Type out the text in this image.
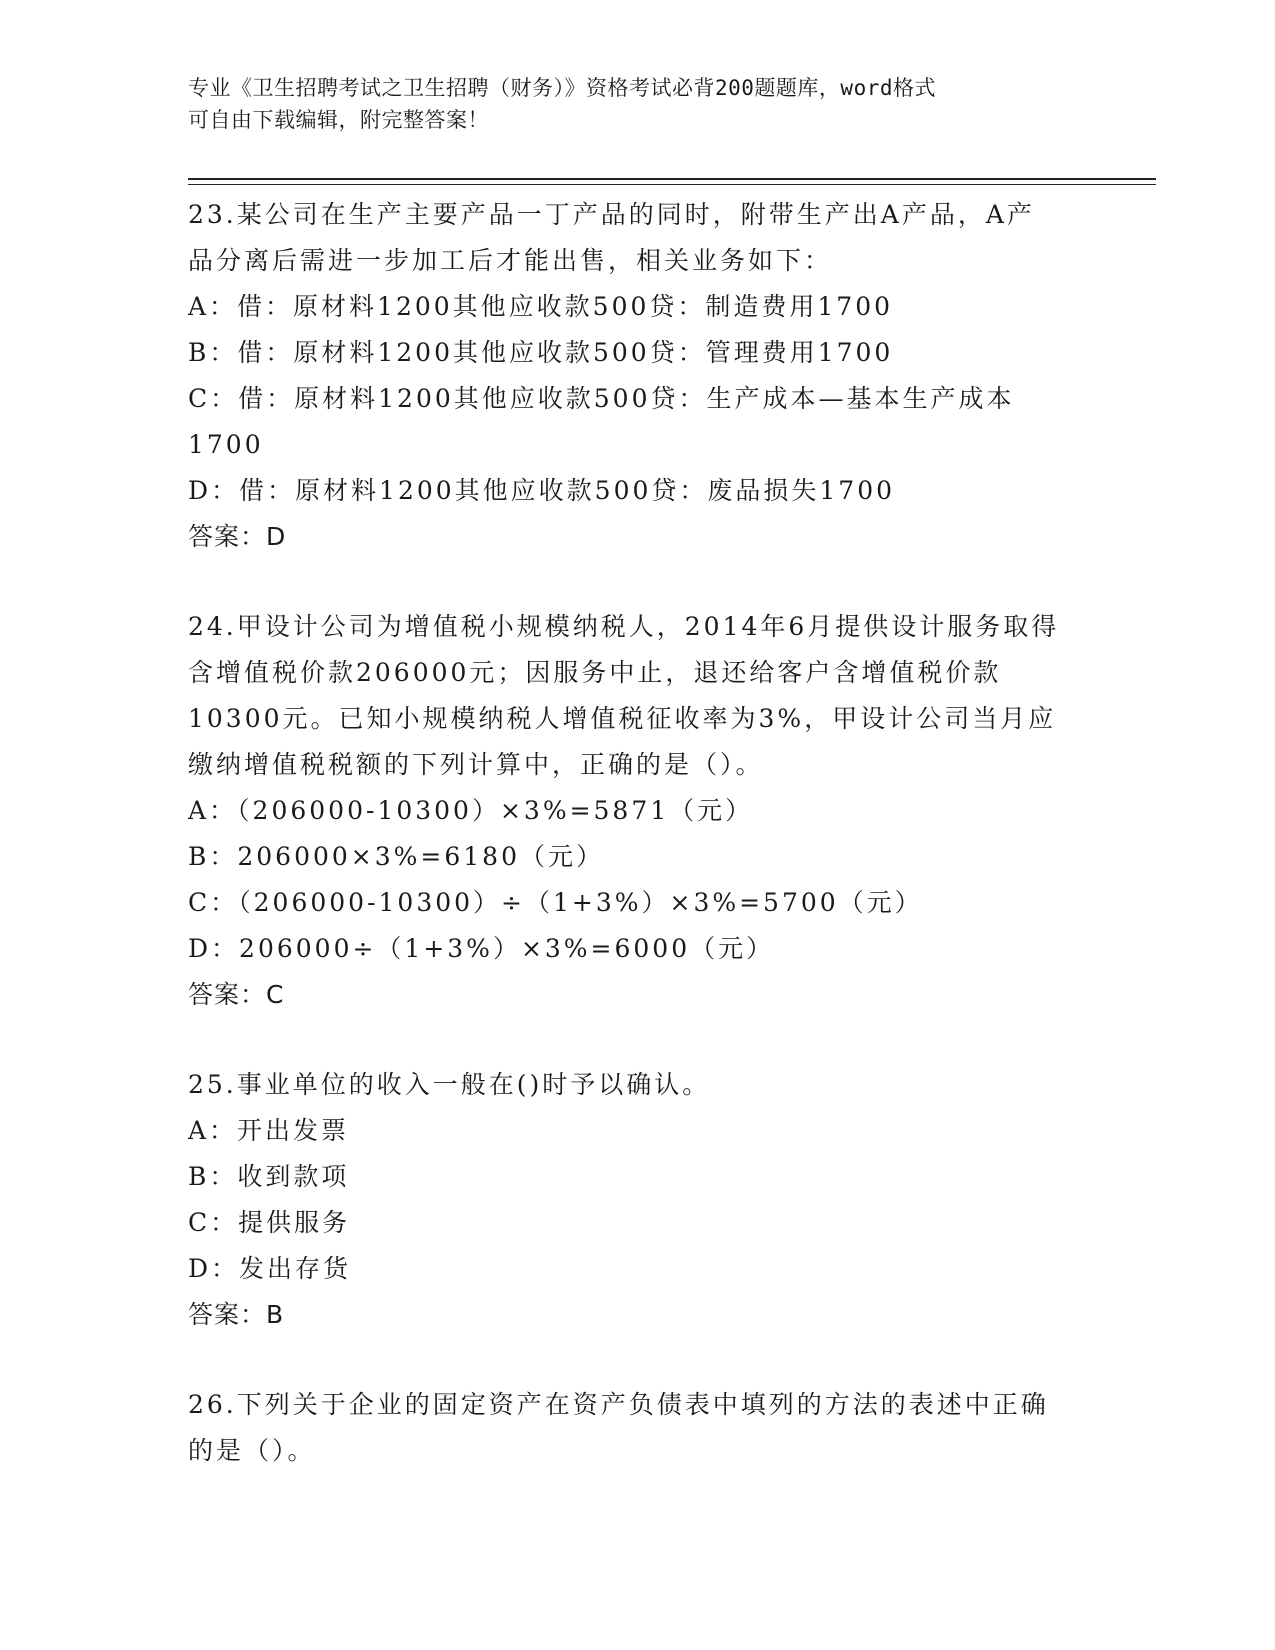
专业《卫生招聘考试之卫生招聘（财务）》资格考试必背200题题库，word格式
可自由下载编辑，附完整答案！
23.某公司在生产主要产品一丁产品的同时，附带生产出A产品，A产
品分离后需进一步加工后才能出售，相关业务如下：
A：借：原材料1200其他应收款500贷：制造费用1700
B：借：原材料1200其他应收款500贷：管理费用1700
C：借：原材料1200其他应收款500贷：生产成本—基本生产成本
1700
D：借：原材料1200其他应收款500贷：废品损失1700
答案：D
24.甲设计公司为增值税小规模纳税人，2014年6月提供设计服务取得
含增值税价款206000元；因服务中止，退还给客户含增值税价款
10300元。已知小规模纳税人增值税征收率为3%，甲设计公司当月应
缴纳增值税税额的下列计算中，正确的是（）。
A：（206000-10300）×3%=5871（元）
B：206000×3%=6180（元）
C：（206000-10300）÷（1+3%）×3%=5700（元）
D：206000÷（1+3%）×3%=6000（元）
答案：C
25.事业单位的收入一般在()时予以确认。
A：开出发票
B：收到款项
C：提供服务
D：发出存货
答案：B
26.下列关于企业的固定资产在资产负债表中填列的方法的表述中正确
的是（）。
